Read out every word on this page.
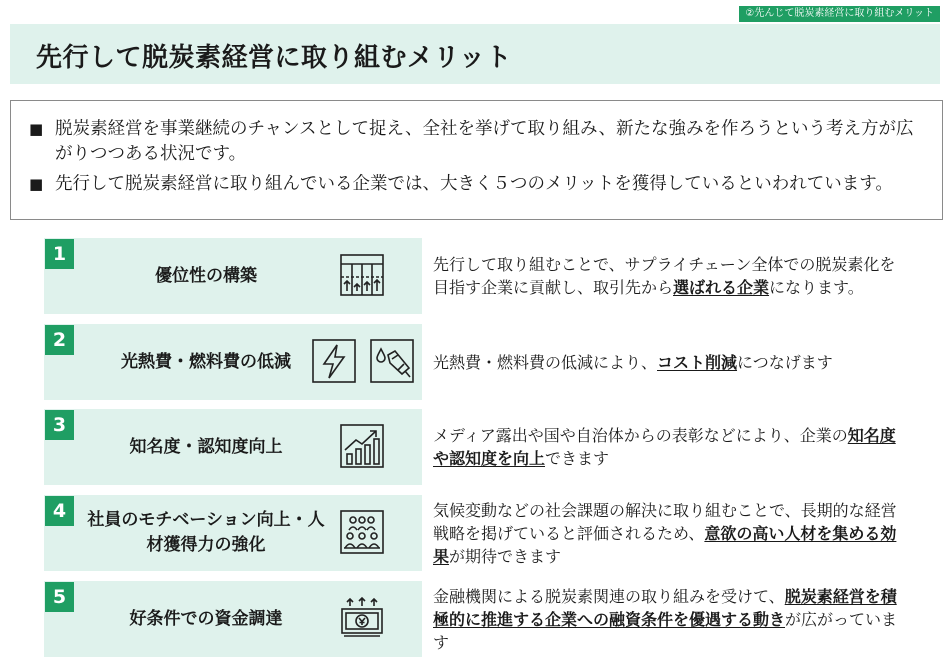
②先んじて脱炭素経営に取り組むメリット
先行して脱炭素経営に取り組むメリット
■ 脱炭素経営を事業継続のチャンスとして捉え、全社を挙げて取り組み、新たな強みを作ろうという考え方が広がりつつある状況です。
■ 先行して脱炭素経営に取り組んでいる企業では、大きく５つのメリットを獲得しているといわれています。
1
優位性の構築

先行して取り組むことで、サプライチェーン全体での脱炭素化を目指す企業に貢献し、取引先から選ばれる企業になります。

2
光熱費・燃料費の低減	光熱費・燃料費の低減により、コスト削減につなげます

3
知名度・認知度向上

メディア露出や国や自治体からの表彰などにより、企業の知名度や認知度を向上できます

4	社員のモチベーション向上・人材獲得力の強化

気候変動などの社会課題の解決に取り組むことで、長期的な経営戦略を掲げていると評価されるため、意欲の高い人材を集める効果が期待できます

5
好条件での資金調達

金融機関による脱炭素関連の取り組みを受けて、脱炭素経営を積極的に推進する企業への融資条件を優遇する動きが広がっています
